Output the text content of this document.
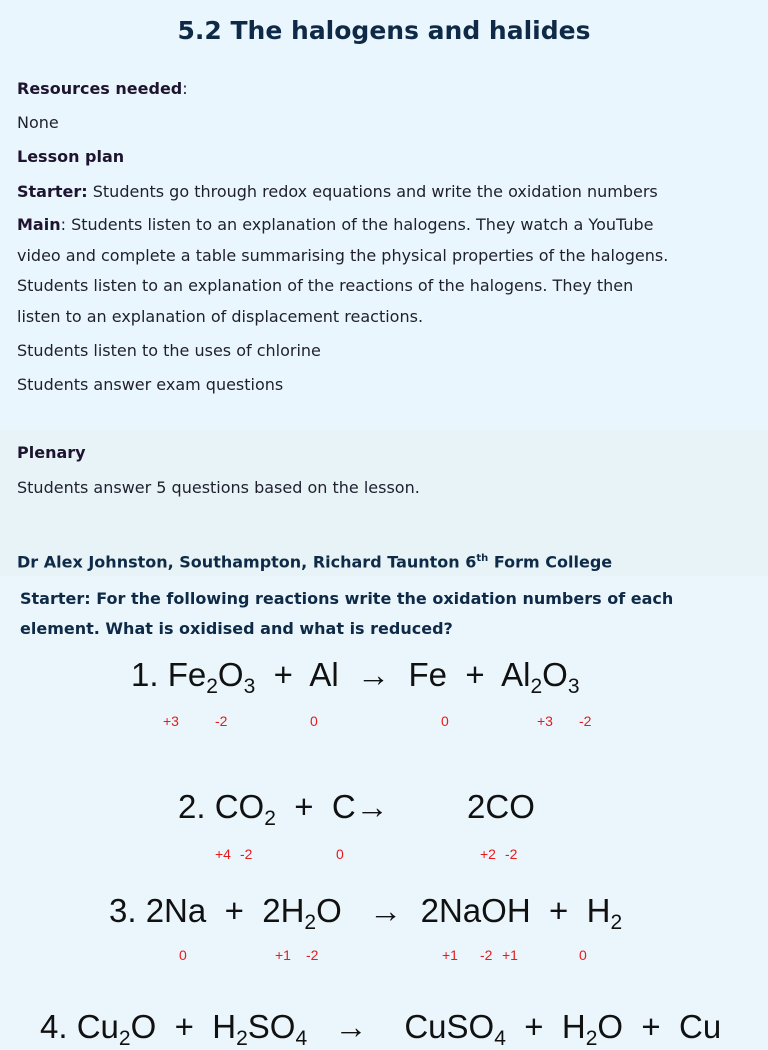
5.2 The halogens and halides
Resources needed:
None
Lesson plan
Starter: Students go through redox equations and write the oxidation numbers
Main: Students listen to an explanation of the halogens. They watch a YouTube
video and complete a table summarising the physical properties of the halogens.
Students listen to an explanation of the reactions of the halogens. They then
listen to an explanation of displacement reactions.
Students listen to the uses of chlorine
Students answer exam questions
Plenary
Students answer 5 questions based on the lesson.
Dr Alex Johnston, Southampton, Richard Taunton 6th Form College
Starter: For the following reactions write the oxidation numbers of each
element. What is oxidised and what is reduced?
1. $Fe_2O_3 + Al \to Fe + Al_2O_3$
+3	-2	0	0	+3 -2
2. $CO_2 + C\to 2CO$
+4 -2	0	+2 -2
3. $2Na + 2H_2O$ → 2NaOH + $H_2$
0	+1 -2	+1 -2 +1	0
4. $Cu_2O + H_2SO_4$ → CuSO$_4$ + $H_2O + Cu$
